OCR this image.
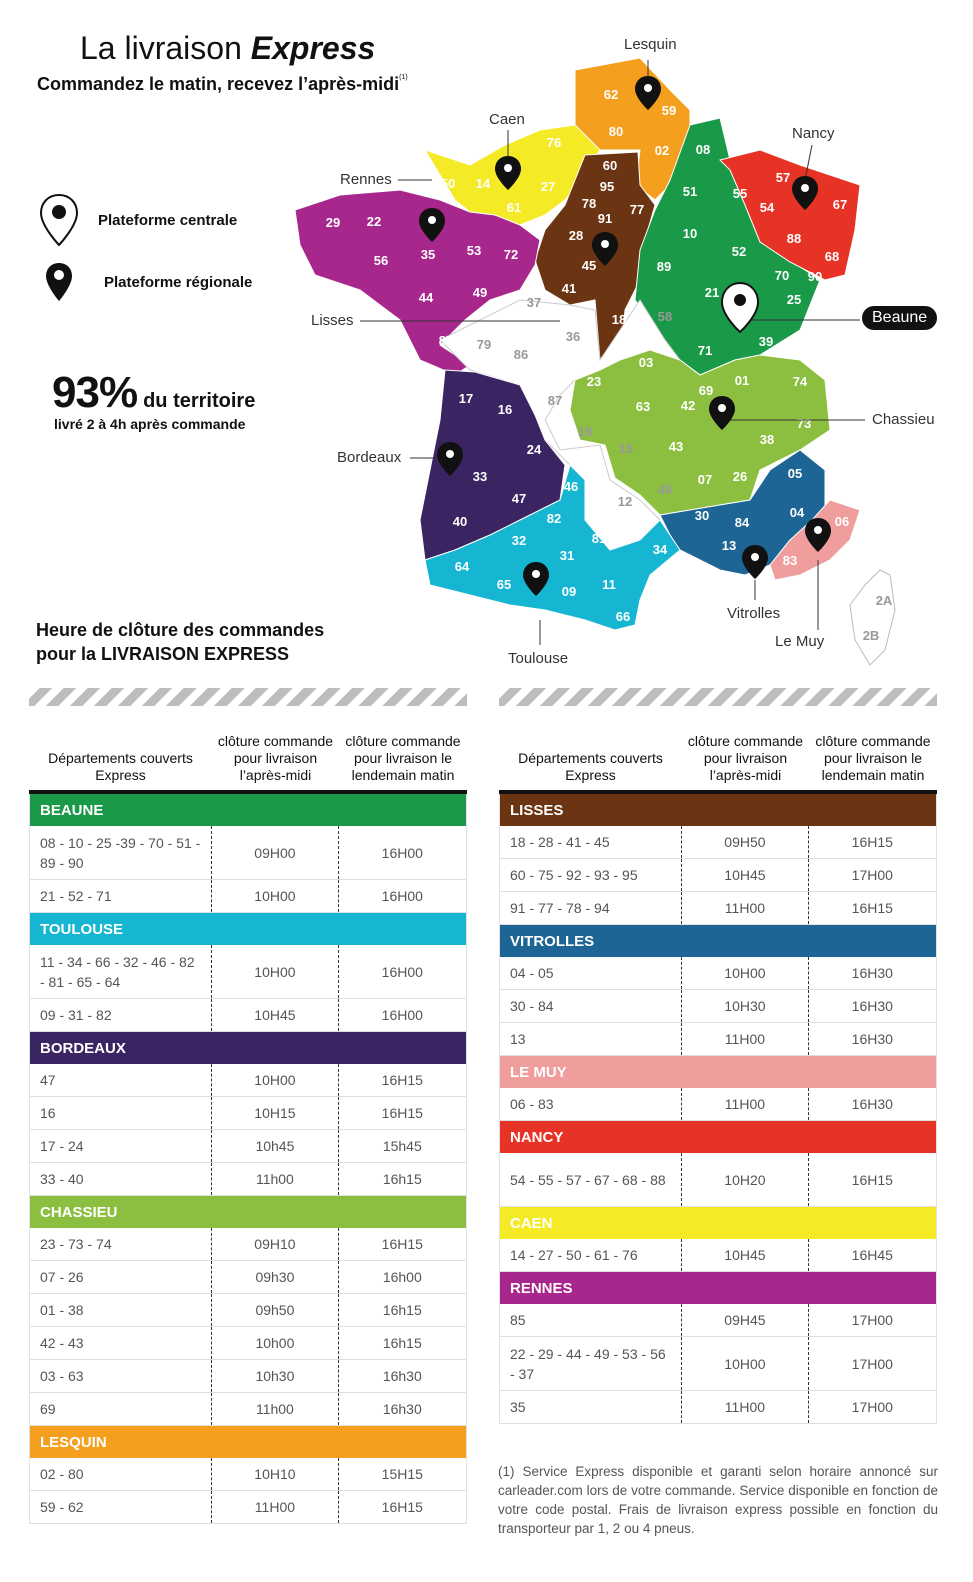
La livraison Express
Commandez le matin, recevez l’après-midi$^{(1)}$
Plateforme centrale
Plateforme régionale
93% du territoire
livré 2 à 4h après commande
62
59
80
02
76
60
08
50 14	27
61
95
78
91
77
51
57
55
54	67
29 22
56	35 53 72
28
45
10	88
68
52
44	49	41
89
70 90
21	25
37
18 58
85 79
86
36
71
39
03
23	01	74
17
16
87	63 42
69
73
19
38
24	43
15
33	07 26	05
47
46	48
40
12
30 84
04
06
82
32	81
34	13
83
64
31
65	09 11
66
2A
2B
Lesquin
Caen
Nancy
Rennes
Lisses	Beaune
Chassieu
Bordeaux
Vitrolles
Le Muy
Toulouse
Heure de clôture des commandes
pour la LIVRAISON EXPRESS
Départements couverts Express
clôture commande pour livraison l’après-midi
clôture commande pour livraison le lendemain matin
BEAUNE
08 - 10 - 25 -39 - 70 - 51 - 89 - 90
09H00	16H00
21 - 52 - 71	10H00	16H00
TOULOUSE
11 - 34 - 66 - 32 - 46 - 82 - 81 - 65 - 64
10H00	16H00
09 - 31 - 82	10H45	16H00
BORDEAUX
47	10H00	16H15
16	10H15	16H15
17 - 24	10h45	15h45
33 - 40	11h00	16h15
CHASSIEU
23 - 73 - 74	09H10	16H15
07 - 26	09h30	16h00
01 - 38	09h50	16h15
42 - 43	10h00	16h15
03 - 63	10h30	16h30
69	11h00	16h30
LESQUIN
02 - 80	10H10	15H15
59 - 62	11H00	16H15
Départements couverts Express
clôture commande pour livraison l’après-midi
clôture commande pour livraison le lendemain matin
LISSES
18 - 28 - 41 - 45	09H50	16H15
60 - 75 - 92 - 93 - 95	10H45	17H00
91 - 77 - 78 - 94	11H00	16H15
VITROLLES
04 - 05	10H00	16H30
30 - 84	10H30	16H30
13	11H00	16H30
LE MUY
06 - 83	11H00	16H30
NANCY
54 - 55 - 57 - 67 - 68 - 88	10H20	16H15
CAEN
14 - 27 - 50 - 61 - 76	10H45	16H45
RENNES
85	09H45	17H00
22 - 29 - 44 - 49 - 53 - 56 - 37
10H00	17H00
35	11H00	17H00
(1) Service Express disponible et garanti selon horaire annoncé sur carleader.com lors de votre commande. Service disponible en fonction de votre code postal. Frais de livraison express possible en fonction du transporteur par 1, 2 ou 4 pneus.
